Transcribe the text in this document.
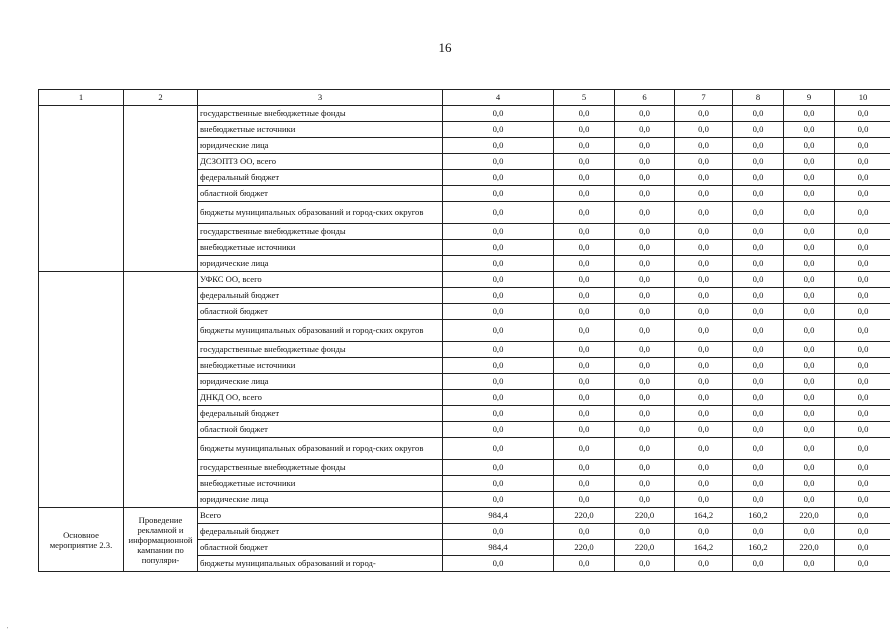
16
1	2	3	4	5	6	7	8	9	10
		государственные внебюджетные фонды	0,0	0,0	0,0	0,0	0,0	0,0	0,0
		внебюджетные источники	0,0	0,0	0,0	0,0	0,0	0,0	0,0
		юридические лица	0,0	0,0	0,0	0,0	0,0	0,0	0,0
		ДСЗОПТЗ ОО, всего	0,0	0,0	0,0	0,0	0,0	0,0	0,0
		федеральный бюджет	0,0	0,0	0,0	0,0	0,0	0,0	0,0
		областной бюджет	0,0	0,0	0,0	0,0	0,0	0,0	0,0
		бюджеты муниципальных образований и город-ских округов	0,0	0,0	0,0	0,0	0,0	0,0	0,0
		государственные внебюджетные фонды	0,0	0,0	0,0	0,0	0,0	0,0	0,0
		внебюджетные источники	0,0	0,0	0,0	0,0	0,0	0,0	0,0
		юридические лица	0,0	0,0	0,0	0,0	0,0	0,0	0,0
		УФКС ОО, всего	0,0	0,0	0,0	0,0	0,0	0,0	0,0
		федеральный бюджет	0,0	0,0	0,0	0,0	0,0	0,0	0,0
		областной бюджет	0,0	0,0	0,0	0,0	0,0	0,0	0,0
		бюджеты муниципальных образований и город-ских округов	0,0	0,0	0,0	0,0	0,0	0,0	0,0
		государственные внебюджетные фонды	0,0	0,0	0,0	0,0	0,0	0,0	0,0
		внебюджетные источники	0,0	0,0	0,0	0,0	0,0	0,0	0,0
		юридические лица	0,0	0,0	0,0	0,0	0,0	0,0	0,0
		ДНКД ОО, всего	0,0	0,0	0,0	0,0	0,0	0,0	0,0
		федеральный бюджет	0,0	0,0	0,0	0,0	0,0	0,0	0,0
		областной бюджет	0,0	0,0	0,0	0,0	0,0	0,0	0,0
		бюджеты муниципальных образований и город-ских округов	0,0	0,0	0,0	0,0	0,0	0,0	0,0
		государственные внебюджетные фонды	0,0	0,0	0,0	0,0	0,0	0,0	0,0
		внебюджетные источники	0,0	0,0	0,0	0,0	0,0	0,0	0,0
		юридические лица	0,0	0,0	0,0	0,0	0,0	0,0	0,0
Основное мероприятие 2.3.	Проведение рекламной и информационной кампании по популяри-	Всего	984,4	220,0	220,0	164,2	160,2	220,0	0,0
		федеральный бюджет	0,0	0,0	0,0	0,0	0,0	0,0	0,0
		областной бюджет	984,4	220,0	220,0	164,2	160,2	220,0	0,0
		бюджеты муниципальных образований и город-	0,0	0,0	0,0	0,0	0,0	0,0	0,0
'
